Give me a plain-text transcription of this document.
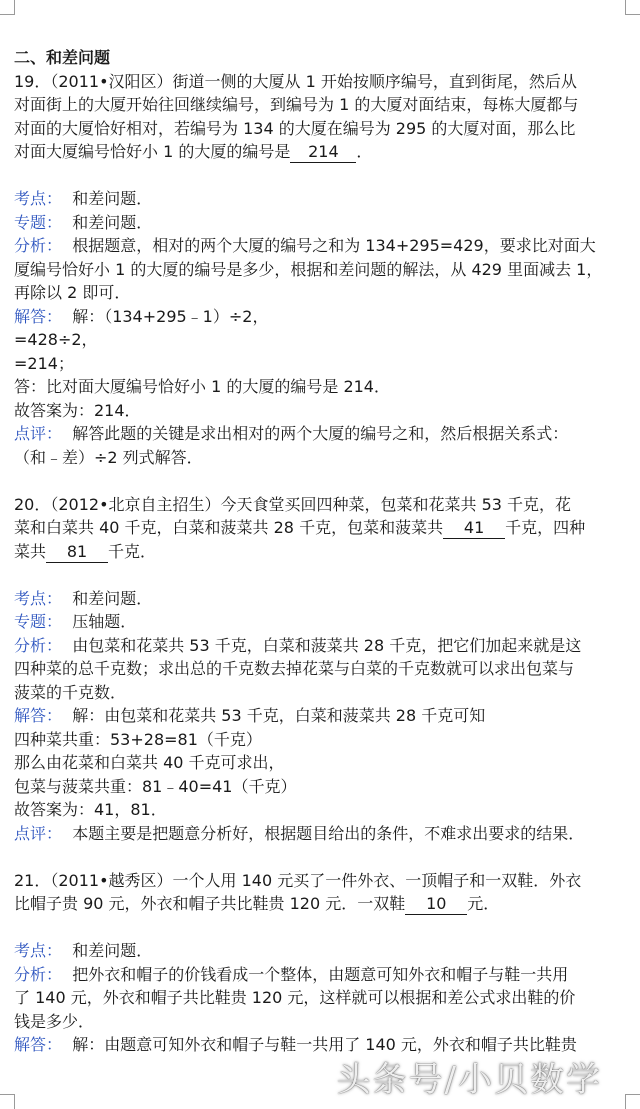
二、和差问题
19．（2011•汉阳区）街道一侧的大厦从 1 开始按顺序编号，直到街尾，然后从
对面街上的大厦开始往回继续编号，到编号为 1 的大厦对面结束，每栋大厦都与
对面的大厦恰好相对，若编号为 134 的大厦在编号为 295 的大厦对面，那么比
对面大厦编号恰好小 1 的大厦的编号是 214 ．
考点： 和差问题．
专题： 和差问题．
分析： 根据题意，相对的两个大厦的编号之和为 134+295=429，要求比对面大
厦编号恰好小 1 的大厦的编号是多少，根据和差问题的解法，从 429 里面减去 1，
再除以 2 即可．
解答： 解：（134+295﹣1）÷2，
=428÷2，
=214；
答：比对面大厦编号恰好小 1 的大厦的编号是 214．
故答案为：214．
点评： 解答此题的关键是求出相对的两个大厦的编号之和，然后根据关系式：
（和﹣差）÷2 列式解答．
20．（2012•北京自主招生）今天食堂买回四种菜，包菜和花菜共 53 千克，花
菜和白菜共 40 千克，白菜和菠菜共 28 千克，包菜和菠菜共 41 千克，四种
菜共 81 千克．
考点： 和差问题．
专题： 压轴题．
分析： 由包菜和花菜共 53 千克，白菜和菠菜共 28 千克，把它们加起来就是这
四种菜的总千克数；求出总的千克数去掉花菜与白菜的千克数就可以求出包菜与
菠菜的千克数．
解答： 解：由包菜和花菜共 53 千克，白菜和菠菜共 28 千克可知
四种菜共重：53+28=81（千克）
那么由花菜和白菜共 40 千克可求出，
包菜与菠菜共重：81﹣40=41（千克）
故答案为：41，81．
点评： 本题主要是把题意分析好，根据题目给出的条件，不难求出要求的结果．
21．（2011•越秀区）一个人用 140 元买了一件外衣、一顶帽子和一双鞋．外衣
比帽子贵 90 元，外衣和帽子共比鞋贵 120 元．一双鞋 10 元．
考点： 和差问题．
分析： 把外衣和帽子的价钱看成一个整体，由题意可知外衣和帽子与鞋一共用
了 140 元，外衣和帽子共比鞋贵 120 元，这样就可以根据和差公式求出鞋的价
钱是多少．
解答： 解：由题意可知外衣和帽子与鞋一共用了 140 元，外衣和帽子共比鞋贵
头条号/小贝数学
